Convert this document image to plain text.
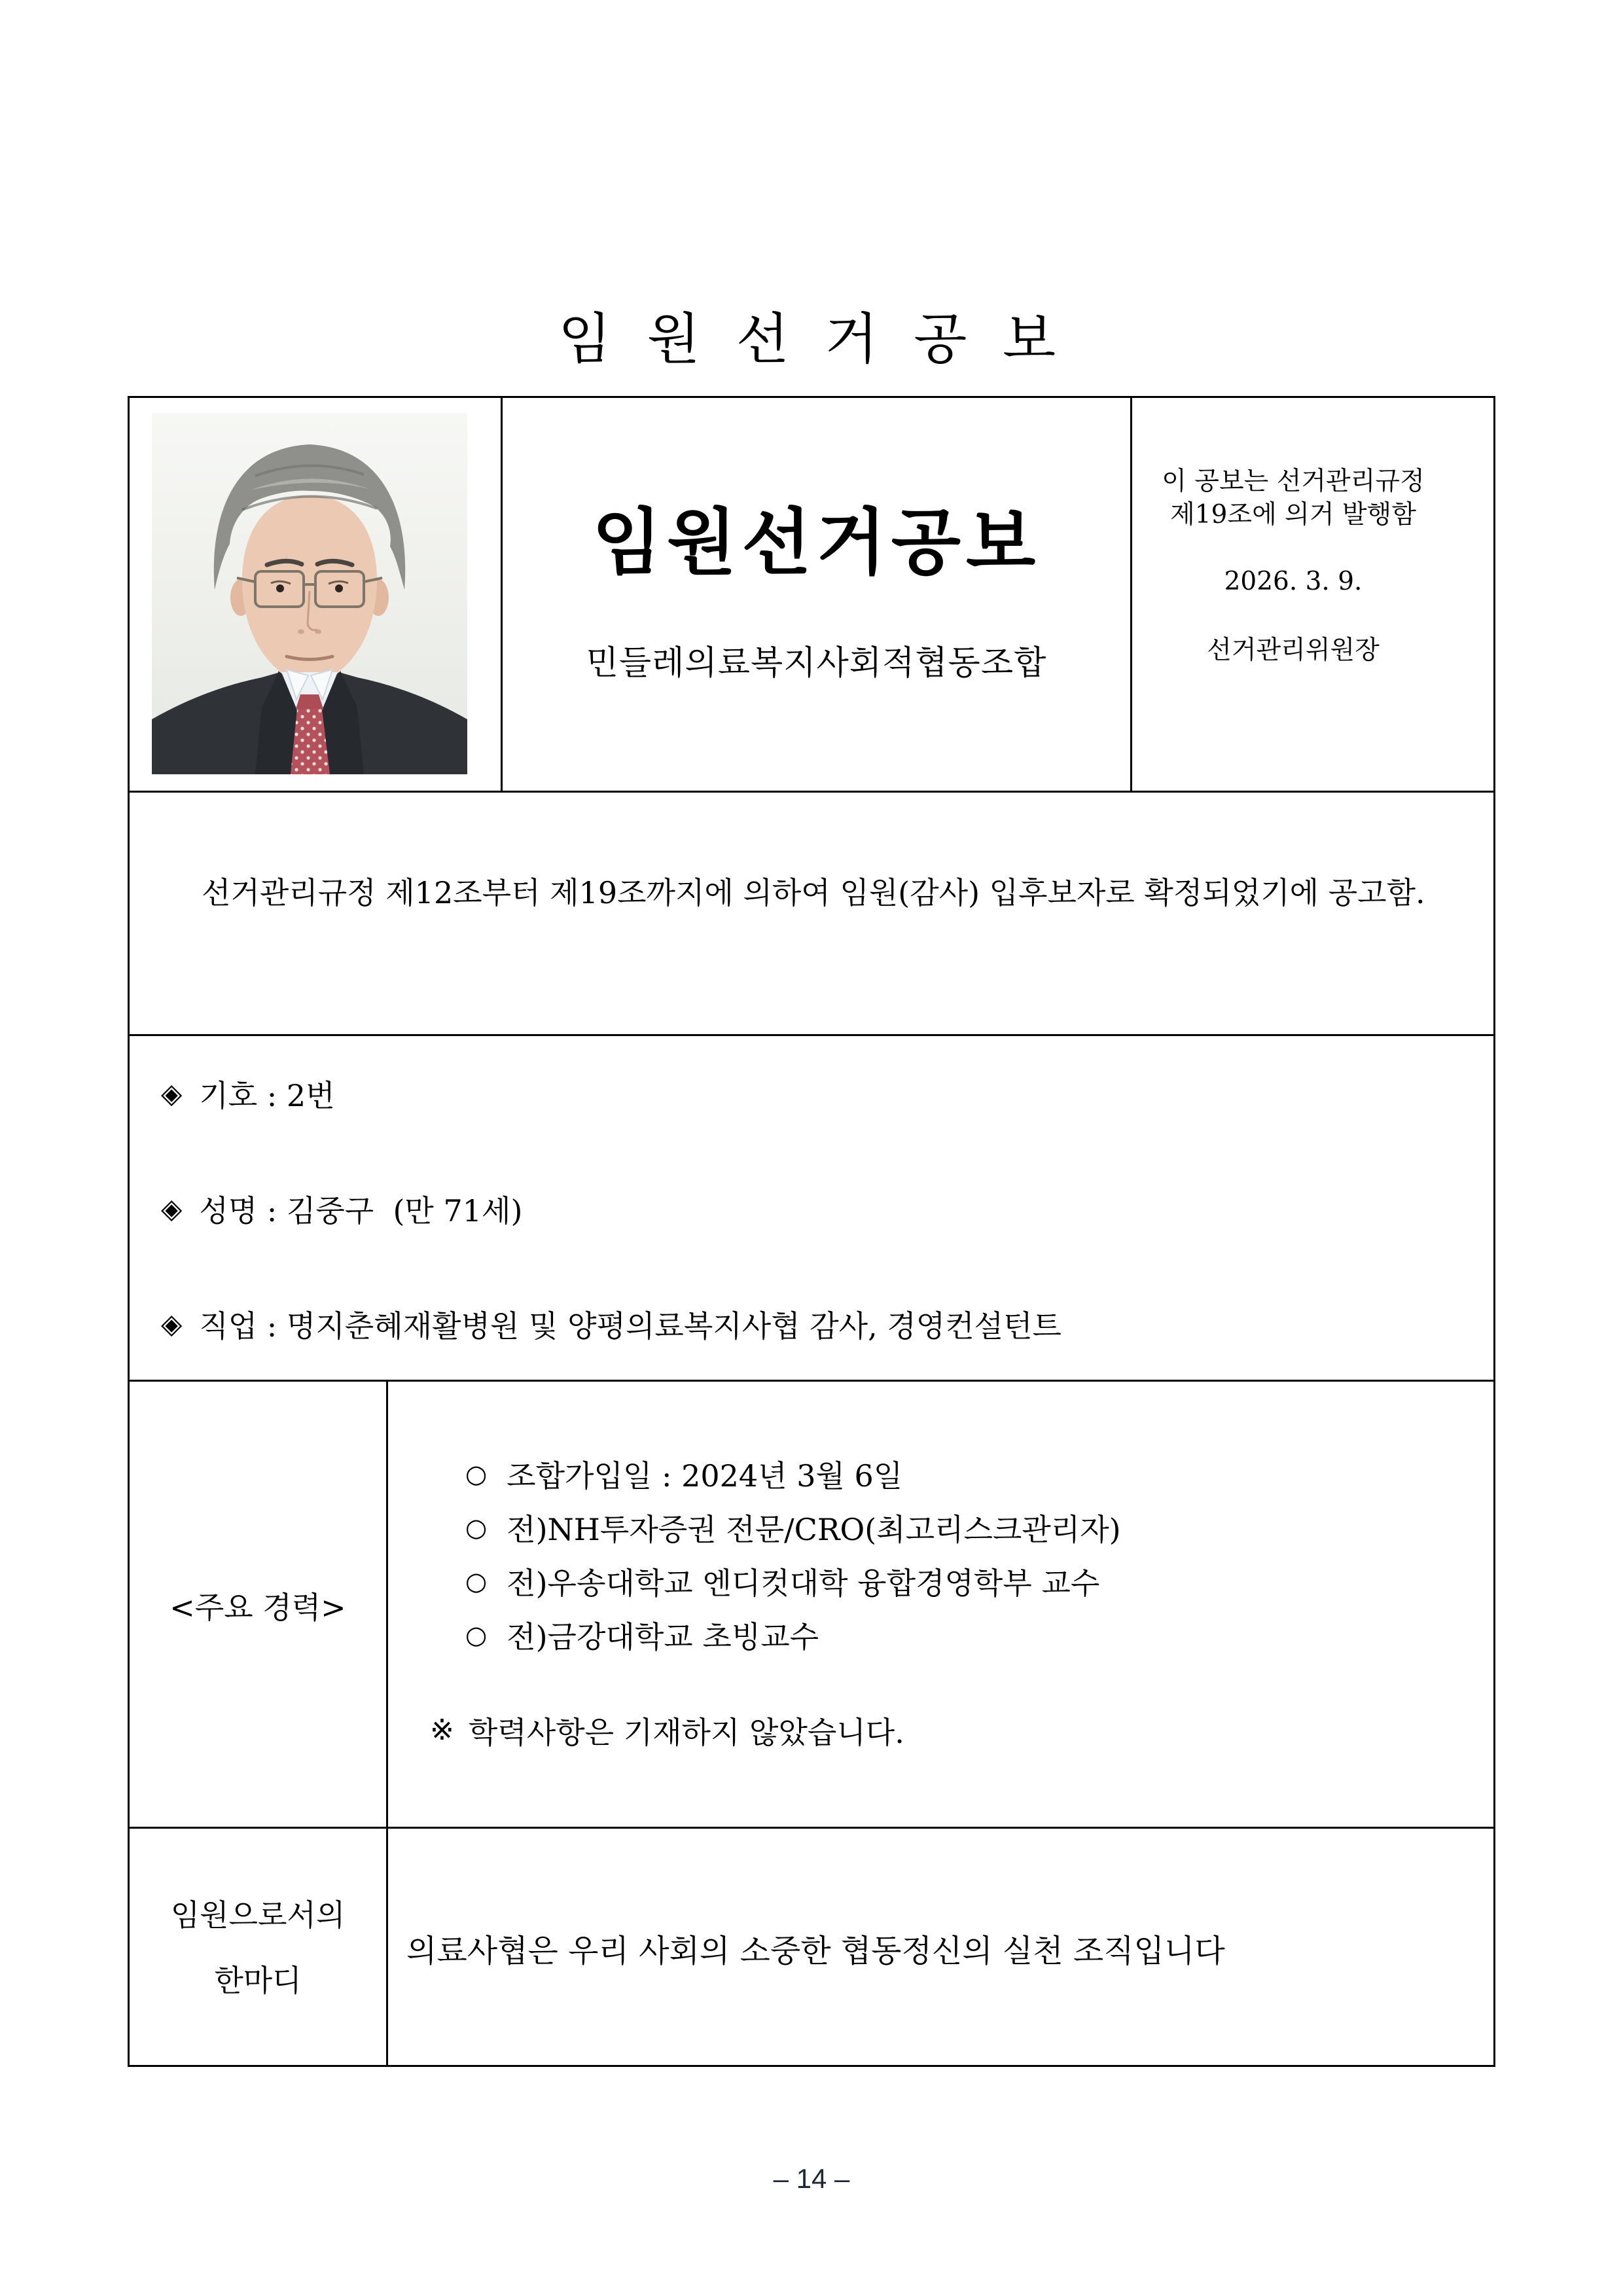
임 원 선 거 공 보
임원선거공보
민들레의료복지사회적협동조합
이 공보는 선거관리규정
제19조에 의거 발행함
2026. 3. 9.
선거관리위원장

선거관리규정 제12조부터 제19조까지에 의하여 임원(감사) 입후보자로 확정되었기에 공고함.

◈ 기호 : 2번
◈ 성명 : 김중구  (만 71세)
◈ 직업 : 명지춘혜재활병원 및 양평의료복지사협 감사, 경영컨설턴트
<주요 경력>
○ 조합가입일 : 2024년 3월 6일
○ 전)NH투자증권 전문/CRO(최고리스크관리자)
○ 전)우송대학교 엔디컷대학 융합경영학부 교수
○ 전)금강대학교 초빙교수
※ 학력사항은 기재하지 않았습니다.
임원으로서의
한마디
의료사협은 우리 사회의 소중한 협동정신의 실천 조직입니다
– 14 –
